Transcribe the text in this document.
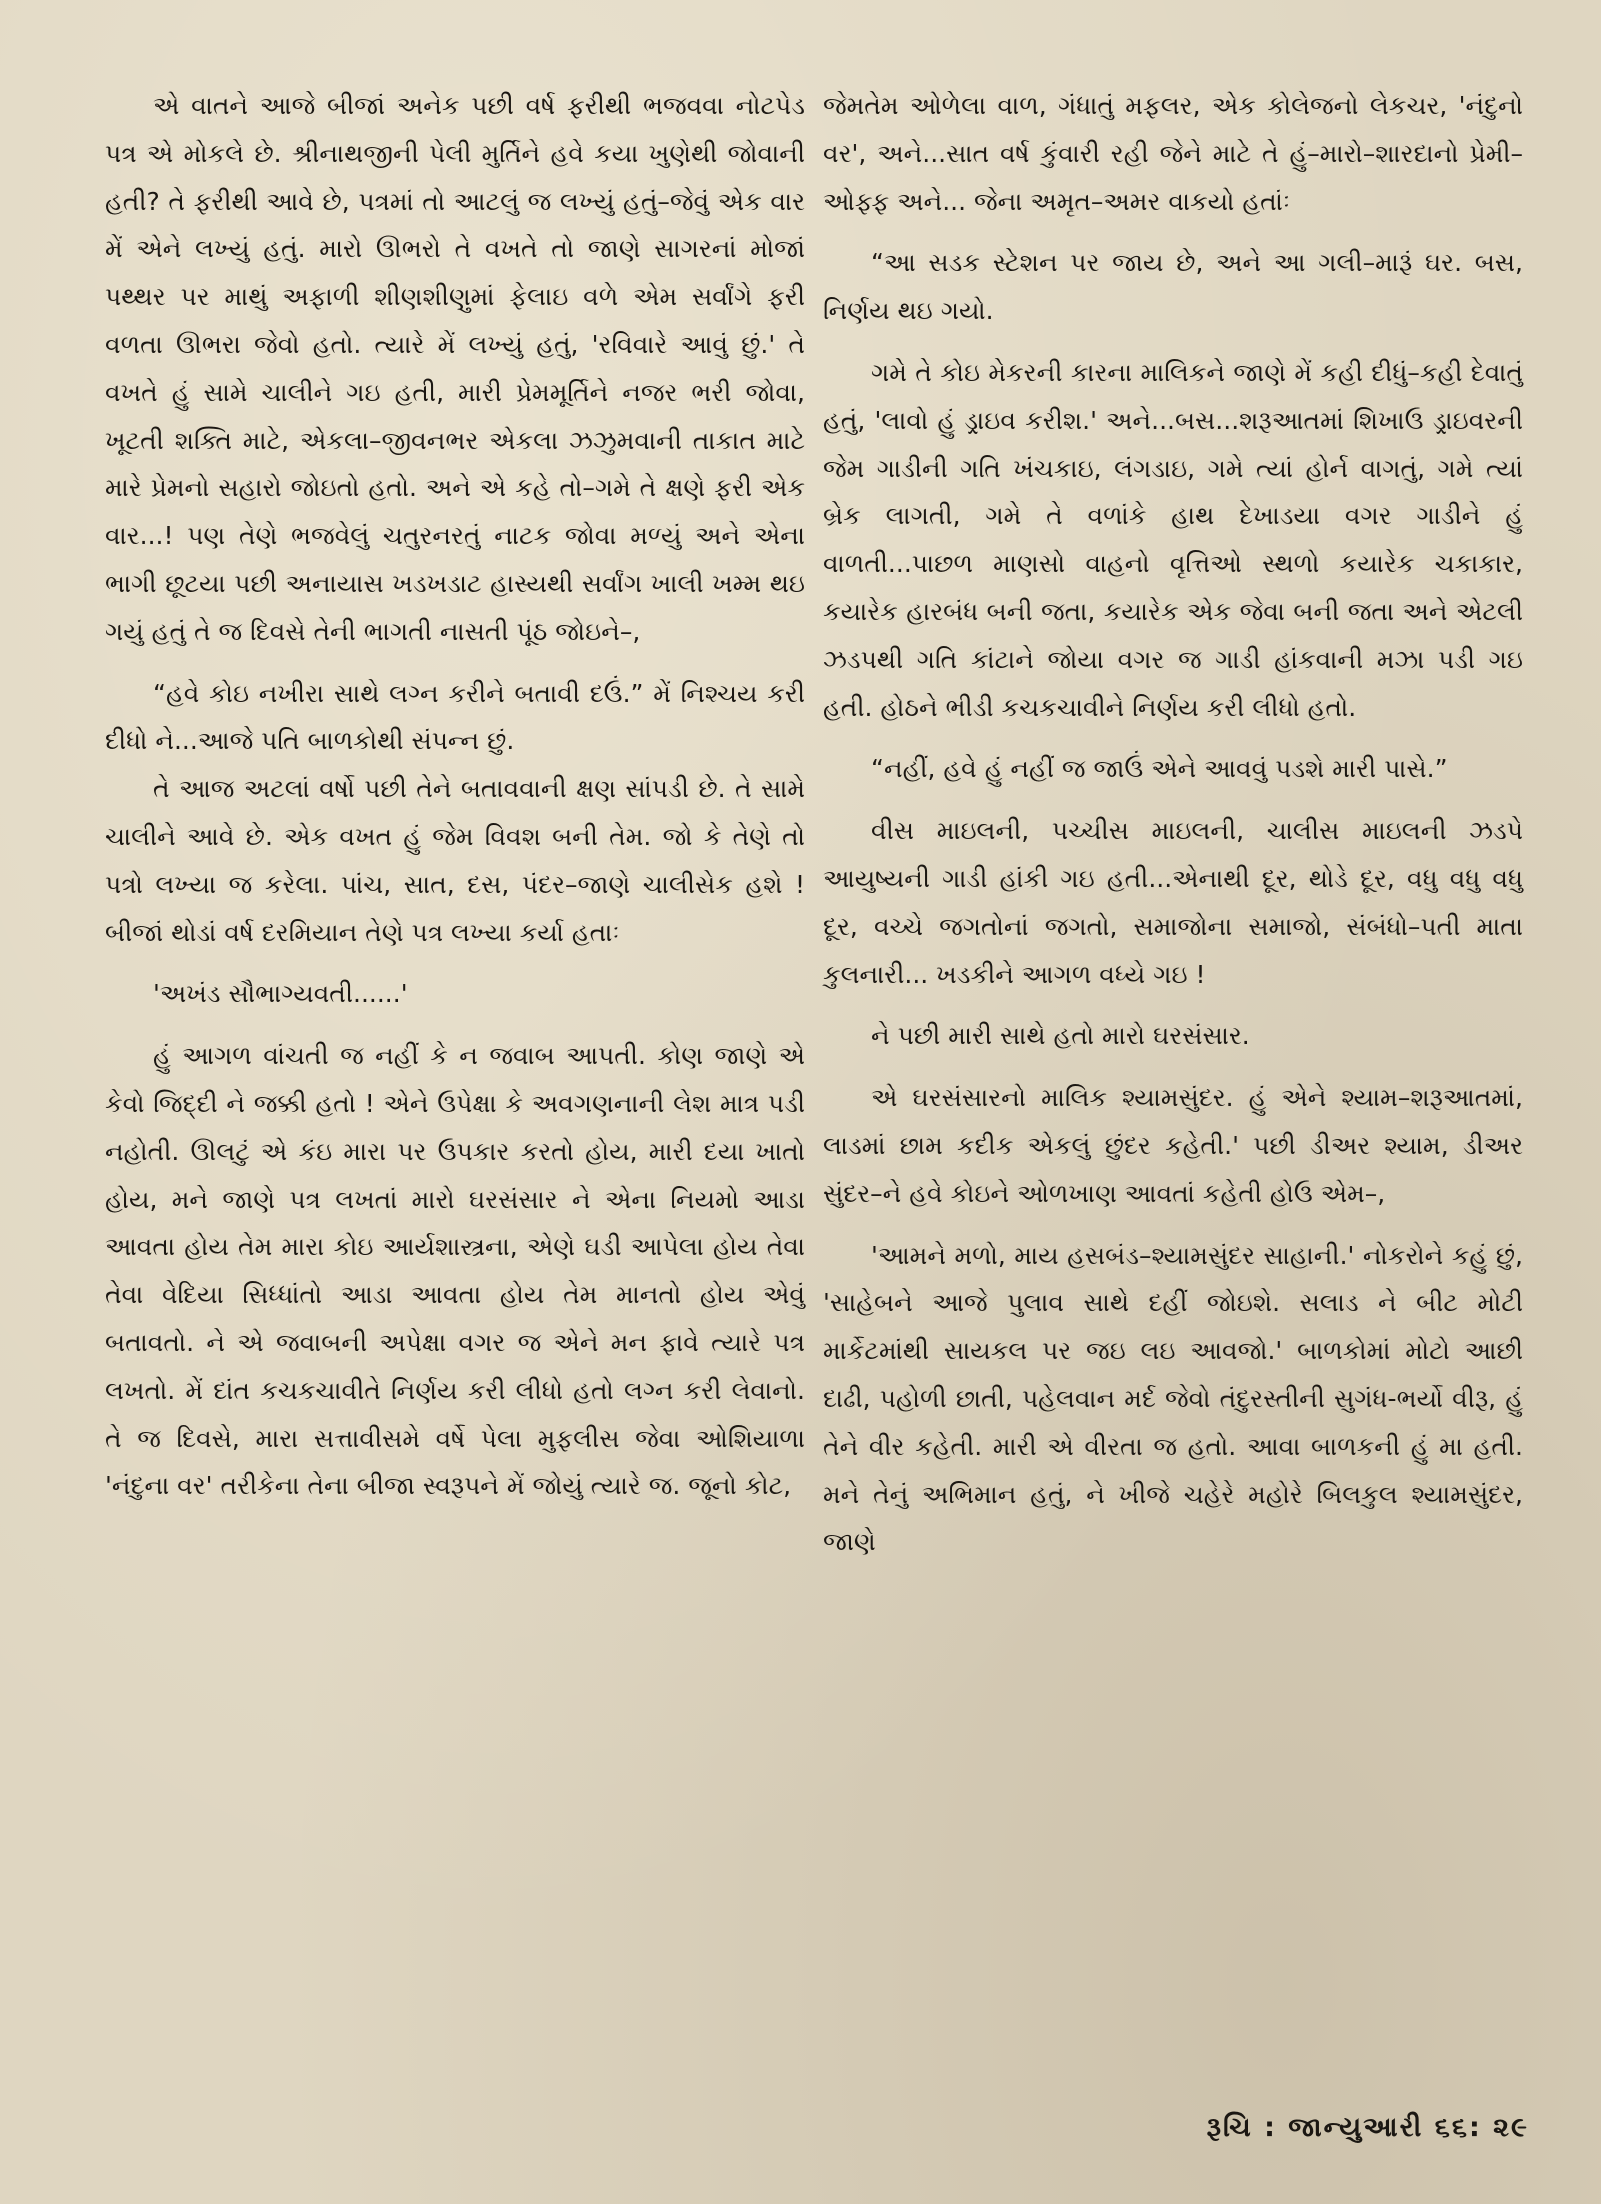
એ વાતને આજે બીજાં અનેક પછી વર્ષ ફરીથી ભજવવા નોટપેડ પત્ર એ મોકલે છે. શ્રીનાથજીની પેલી મુર્તિને હવે કયા ખુણેથી જોવાની હતી? તે ફરીથી આવે છે, પત્રમાં તો આટલું જ લખ્યું હતું–જેવું એક વાર મેં એને લખ્યું હતું. મારો ઊભરો તે વખતે તો જાણે સાગરનાં મોજાં પથ્થર પર માથું અફાળી શીણશીણુમાં ફેલાઇ વળે એમ સર્વાંગે ફરી વળતા ઊભરા જેવો હતો. ત્યારે મેં લખ્યું હતું, 'રવિવારે આવું છું.' તે વખતે હું સામે ચાલીને ગઇ હતી, મારી પ્રેમમૂર્તિને નજર ભરી જોવા, ખૂટતી શક્તિ માટે, એકલા–જીવનભર એકલા ઝઝુમવાની તાકાત માટે મારે પ્રેમનો સહારો જોઇતો હતો. અને એ કહે તો–ગમે તે ક્ષણે ફરી એક વાર...! પણ તેણે ભજવેલું ચતુરનરતું નાટક જોવા મળ્યું અને એના ભાગી છૂટયા પછી અનાયાસ ખડખડાટ હાસ્યથી સર્વાંગ ખાલી ખમ્મ થઇ ગયું હતું તે જ દિવસે તેની ભાગતી નાસતી પૂંઠ જોઇને–,

“હવે કોઇ નખીરા સાથે લગ્ન કરીને બતાવી દઉં.” મેં નિશ્ચય કરી દીધો ને...આજે પતિ બાળકોથી સંપન્ન છું.

તે આજ અટલાં વર્ષો પછી તેને બતાવવાની ક્ષણ સાંપડી છે. તે સામે ચાલીને આવે છે. એક વખત હું જેમ વિવશ બની તેમ. જો કે તેણે તો પત્રો લખ્યા જ કરેલા. પાંચ, સાત, દસ, પંદર–જાણે ચાલીસેક હશે ! બીજાં થોડાં વર્ષ દરમિયાન તેણે પત્ર લખ્યા કર્યા હતાઃ

'અખંડ સૌભાગ્યવતી......'

હું આગળ વાંચતી જ નહીં કે ન જવાબ આપતી. કોણ જાણે એ કેવો જિદ્દી ને જક્કી હતો ! એને ઉપેક્ષા કે અવગણનાની લેશ માત્ર પડી નહોતી. ઊલટું એ કંઇ મારા પર ઉપકાર કરતો હોય, મારી દયા ખાતો હોય, મને જાણે પત્ર લખતાં મારો ઘરસંસાર ને એના નિયમો આડા આવતા હોય તેમ મારા કોઇ આર્યશાસ્ત્રના, એણે ઘડી આપેલા હોય તેવા તેવા વેદિયા સિધ્ધાંતો આડા આવતા હોય તેમ માનતો હોય એવું બતાવતો. ને એ જવાબની અપેક્ષા વગર જ એને મન ફાવે ત્યારે પત્ર લખતો. મેં દાંત કચકચાવીતે નિર્ણય કરી લીધો હતો લગ્ન કરી લેવાનો. તે જ દિવસે, મારા સત્તાવીસમે વર્ષે પેલા મુફલીસ જેવા ઓશિયાળા 'નંદુના વર' તરીકેના તેના બીજા સ્વરૂપને મેં જોયું ત્યારે જ. જૂનો કોટ,

જેમતેમ ઓળેલા વાળ, ગંધાતું મફલર, એક કોલેજનો લેકચર, 'નંદુનો વર', અને...સાત વર્ષ કુંવારી રહી જેને માટે તે હું–મારો–શારદાનો પ્રેમી–ઓફ્ફ અને... જેના અમૃત–અમર વાકયો હતાંઃ

“આ સડક સ્ટેશન પર જાય છે, અને આ ગલી–મારૂં ઘર. બસ, નિર્ણય થઇ ગયો.

ગમે તે કોઇ મેકરની કારના માલિકને જાણે મેં કહી દીધું–કહી દેવાતું હતું, 'લાવો હું ડ્રાઇવ કરીશ.' અને...બસ...શરૂઆતમાં શિખાઉ ડ્રાઇવરની જેમ ગાડીની ગતિ ખંચકાઇ, લંગડાઇ, ગમે ત્યાં હોર્ન વાગતું, ગમે ત્યાં બ્રેક લાગતી, ગમે તે વળાંકે હાથ દેખાડયા વગર ગાડીને હું વાળતી...પાછળ માણસો વાહનો વૃત્તિઓ સ્થળો કયારેક ચકાકાર, કયારેક હારબંધ બની જતા, કયારેક એક જેવા બની જતા અને એટલી ઝડપથી ગતિ કાંટાને જોયા વગર જ ગાડી હાંકવાની મઝા પડી ગઇ હતી. હોઠને ભીડી કચકચાવીને નિર્ણય કરી લીધો હતો.

“નહીં, હવે હું નહીં જ જાઉં એને આવવું પડશે મારી પાસે.”

વીસ માઇલની, પચ્ચીસ માઇલની, ચાલીસ માઇલની ઝડપે આયુષ્યની ગાડી હાંકી ગઇ હતી...એનાથી દૂર, થોડે દૂર, વધુ વધુ વધુ દૂર, વચ્ચે જગતોનાં જગતો, સમાજોના સમાજો, સંબંધો–પતી માતા કુલનારી... ખડકીને આગળ વધ્યે ગઇ !

ને પછી મારી સાથે હતો મારો ઘરસંસાર.

એ ઘરસંસારનો માલિક શ્યામસુંદર. હું એને શ્યામ–શરૂઆતમાં, લાડમાં છામ કદીક એકલું છુંદર કહેતી.' પછી ડીઅર શ્યામ, ડીઅર સુંદર–ને હવે કોઇને ઓળખાણ આવતાં કહેતી હોઉ એમ–,

'આમને મળો, માય હસબંડ–શ્યામસુંદર સાહાની.' નોકરોને કહું છું, 'સાહેબને આજે પુલાવ સાથે દહીં જોઇશે. સલાડ ને બીટ મોટી માર્કેટમાંથી સાયકલ પર જઇ લઇ આવજો.' બાળકોમાં મોટો આછી દાઢી, પહોળી છાતી, પહેલવાન મર્દ જેવો તંદુરસ્તીની સુગંધ-ભર્યો વીરૂ, હું તેને વીર કહેતી. મારી એ વીરતા જ હતો. આવા બાળકની હું મા હતી. મને તેનું અભિમાન હતું, ને ખીજે ચહેરે મહોરે બિલકુલ શ્યામસુંદર, જાણે

રૂચિ : જાન્યુઆરી ૬૬: ૨૯
